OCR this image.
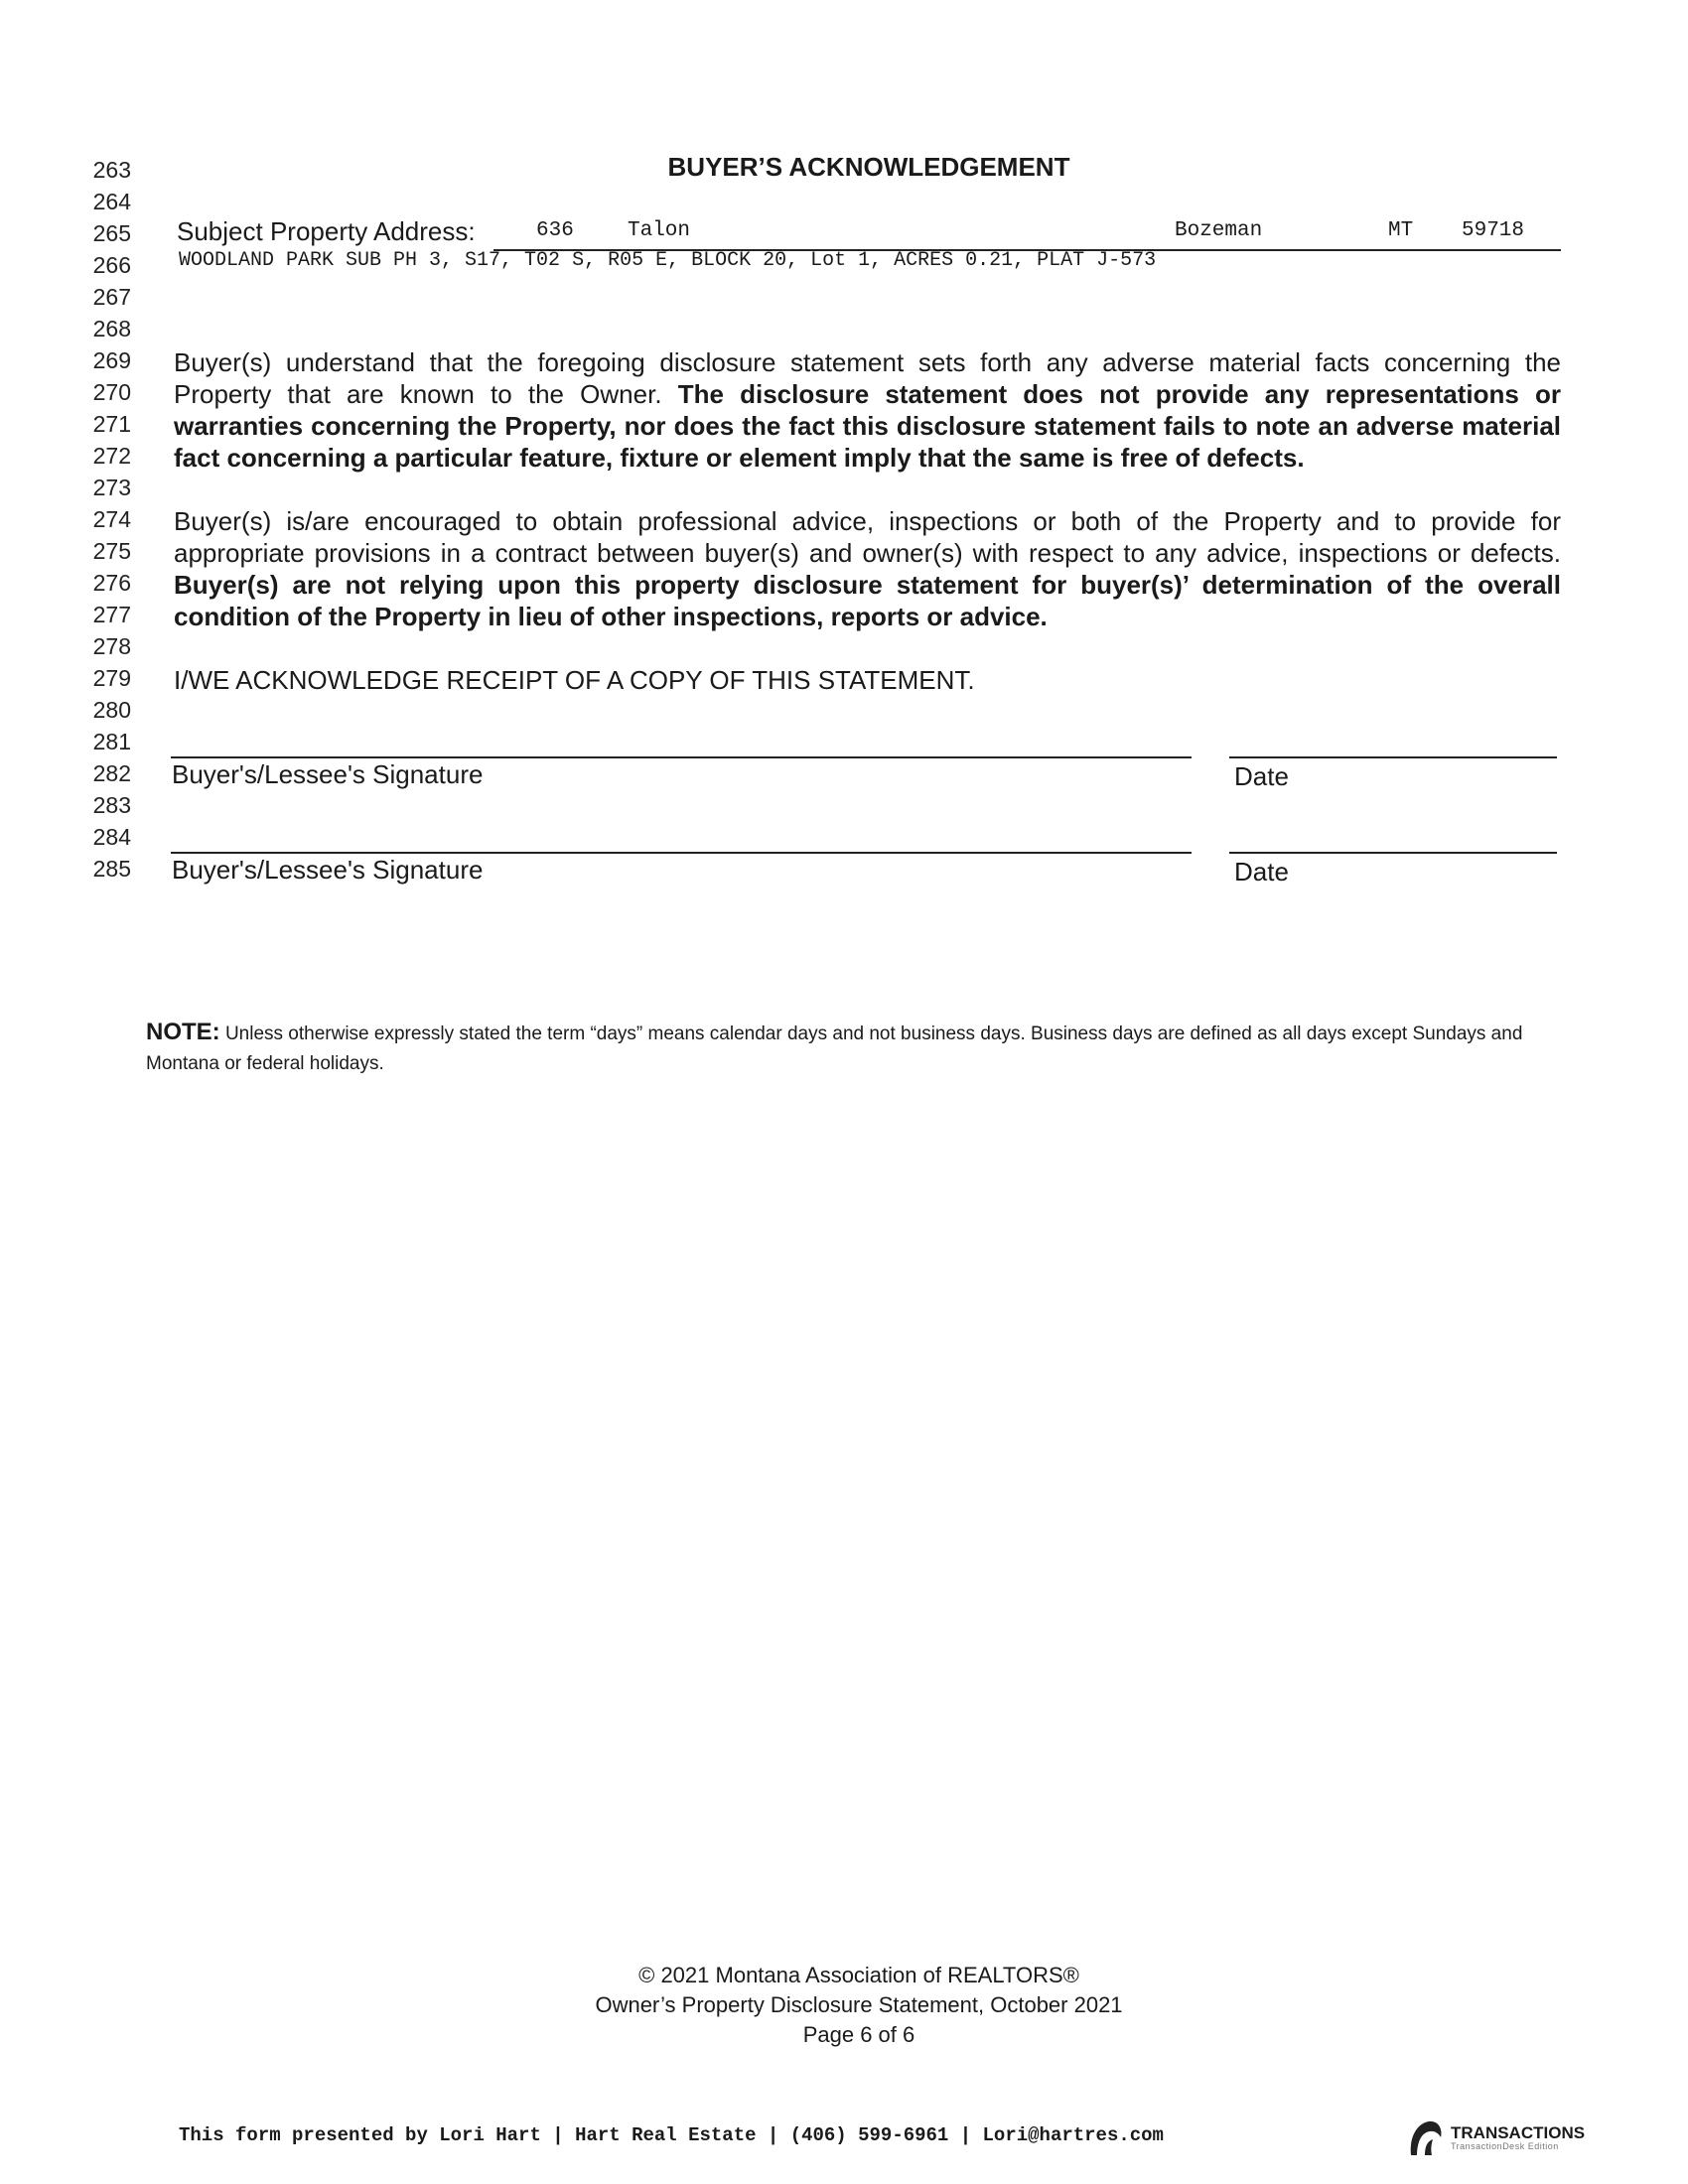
263
264
265
266
267
268
269
270
271
272
273
274
275
276
277
278
279
280
281
282
283
284
285
BUYER’S ACKNOWLEDGEMENT
Subject Property Address:	636	Talon	Bozeman	MT 59718
WOODLAND PARK SUB PH 3, S17, T02 S, R05 E, BLOCK 20, Lot 1, ACRES 0.21, PLAT J-573
Buyer(s) understand that the foregoing disclosure statement sets forth any adverse material facts concerning the Property that are known to the Owner. The disclosure statement does not provide any representations or warranties concerning the Property, nor does the fact this disclosure statement fails to note an adverse material fact concerning a particular feature, fixture or element imply that the same is free of defects.
Buyer(s) is/are encouraged to obtain professional advice, inspections or both of the Property and to provide for appropriate provisions in a contract between buyer(s) and owner(s) with respect to any advice, inspections or defects. Buyer(s) are not relying upon this property disclosure statement for buyer(s)’ determination of the overall condition of the Property in lieu of other inspections, reports or advice.
I/WE ACKNOWLEDGE RECEIPT OF A COPY OF THIS STATEMENT.
Buyer's/Lessee's Signature	Date
Buyer's/Lessee's Signature	Date
NOTE: Unless otherwise expressly stated the term “days” means calendar days and not business days. Business days are defined as all days except Sundays and Montana or federal holidays.
© 2021 Montana Association of REALTORS®
Owner’s Property Disclosure Statement, October 2021
Page 6 of 6
This form presented by Lori Hart | Hart Real Estate | (406) 599-6961 | Lori@hartres.com	TRANSACTIONS
TransactionDesk Edition
